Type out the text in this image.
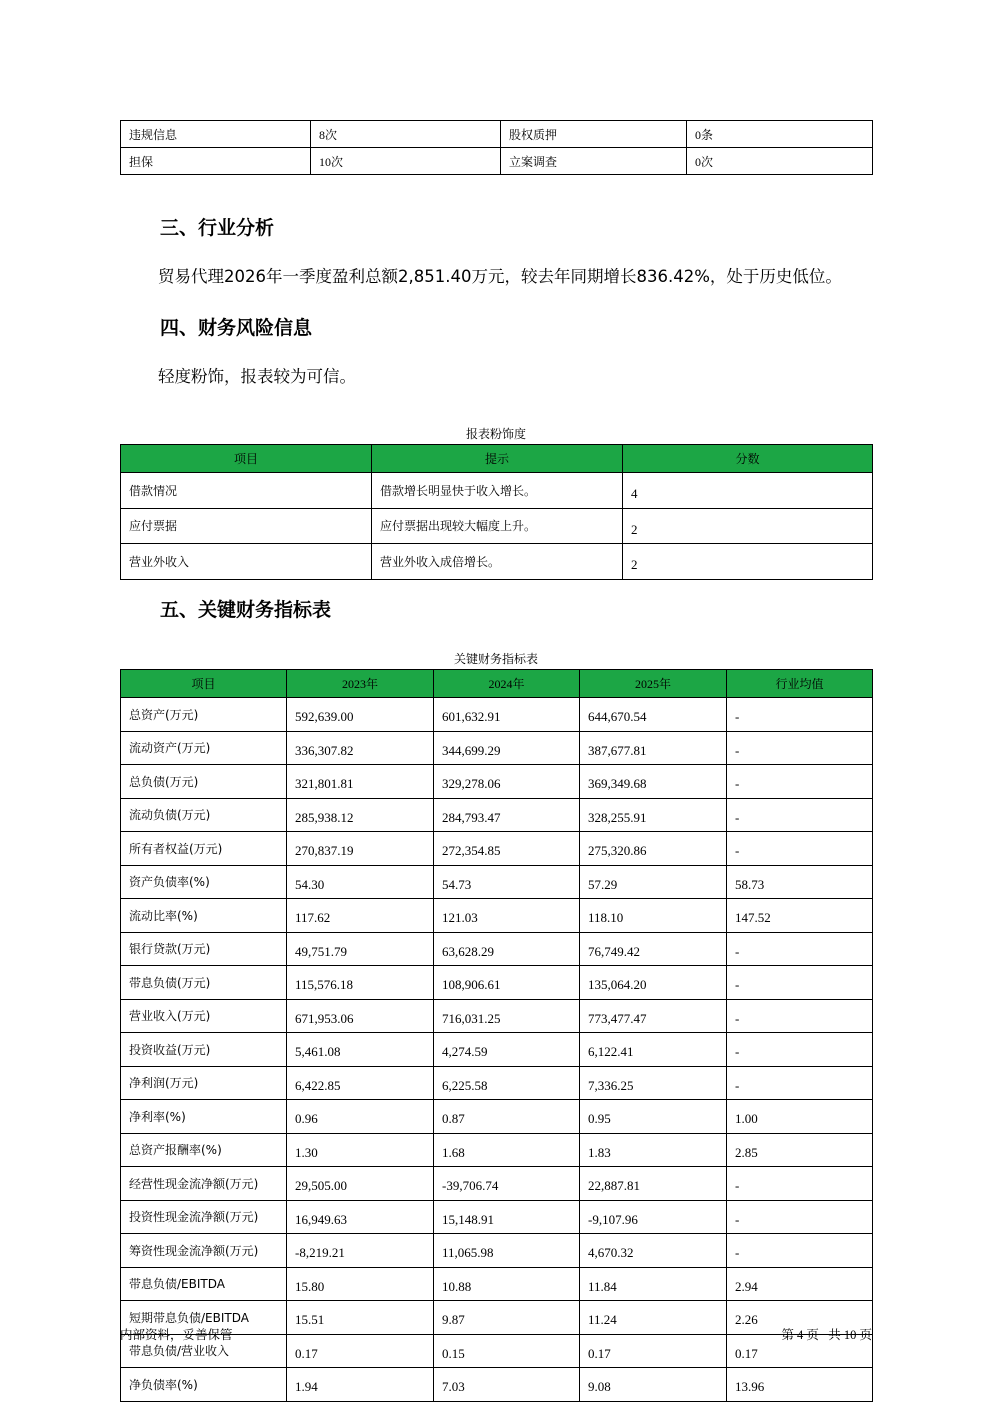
违规信息	8次	股权质押	0条
担保	10次	立案调查	0次
三、行业分析

贸易代理2026年一季度盈利总额2,851.40万元，较去年同期增长836.42%，处于历史低位。

四、财务风险信息

轻度粉饰，报表较为可信。

报表粉饰度
项目	提示	分数
借款情况	借款增长明显快于收入增长。	4
应付票据	应付票据出现较大幅度上升。	2
营业外收入	营业外收入成倍增长。	2
五、关键财务指标表
关键财务指标表
项目	2023年	2024年	2025年	行业均值
总资产(万元)	592,639.00	601,632.91	644,670.54	-
流动资产(万元)	336,307.82	344,699.29	387,677.81	-
总负债(万元)	321,801.81	329,278.06	369,349.68	-
流动负债(万元)	285,938.12	284,793.47	328,255.91	-
所有者权益(万元)	270,837.19	272,354.85	275,320.86	-
资产负债率(%)	54.30	54.73	57.29	58.73
流动比率(%)	117.62	121.03	118.10	147.52
银行贷款(万元)	49,751.79	63,628.29	76,749.42	-
带息负债(万元)	115,576.18	108,906.61	135,064.20	-
营业收入(万元)	671,953.06	716,031.25	773,477.47	-
投资收益(万元)	5,461.08	4,274.59	6,122.41	-
净利润(万元)	6,422.85	6,225.58	7,336.25	-
净利率(%)	0.96	0.87	0.95	1.00
总资产报酬率(%)	1.30	1.68	1.83	2.85
经营性现金流净额(万元)	29,505.00	-39,706.74	22,887.81	-
投资性现金流净额(万元)	16,949.63	15,148.91	-9,107.96	-
筹资性现金流净额(万元)	-8,219.21	11,065.98	4,670.32	-
带息负债/EBITDA	15.80	10.88	11.84	2.94
短期带息负债/EBITDA	15.51	9.87	11.24	2.26
带息负债/营业收入	0.17	0.15	0.17	0.17
净负债率(%)	1.94	7.03	9.08	13.96
内部资料，妥善保管	第 4 页   共 10 页
